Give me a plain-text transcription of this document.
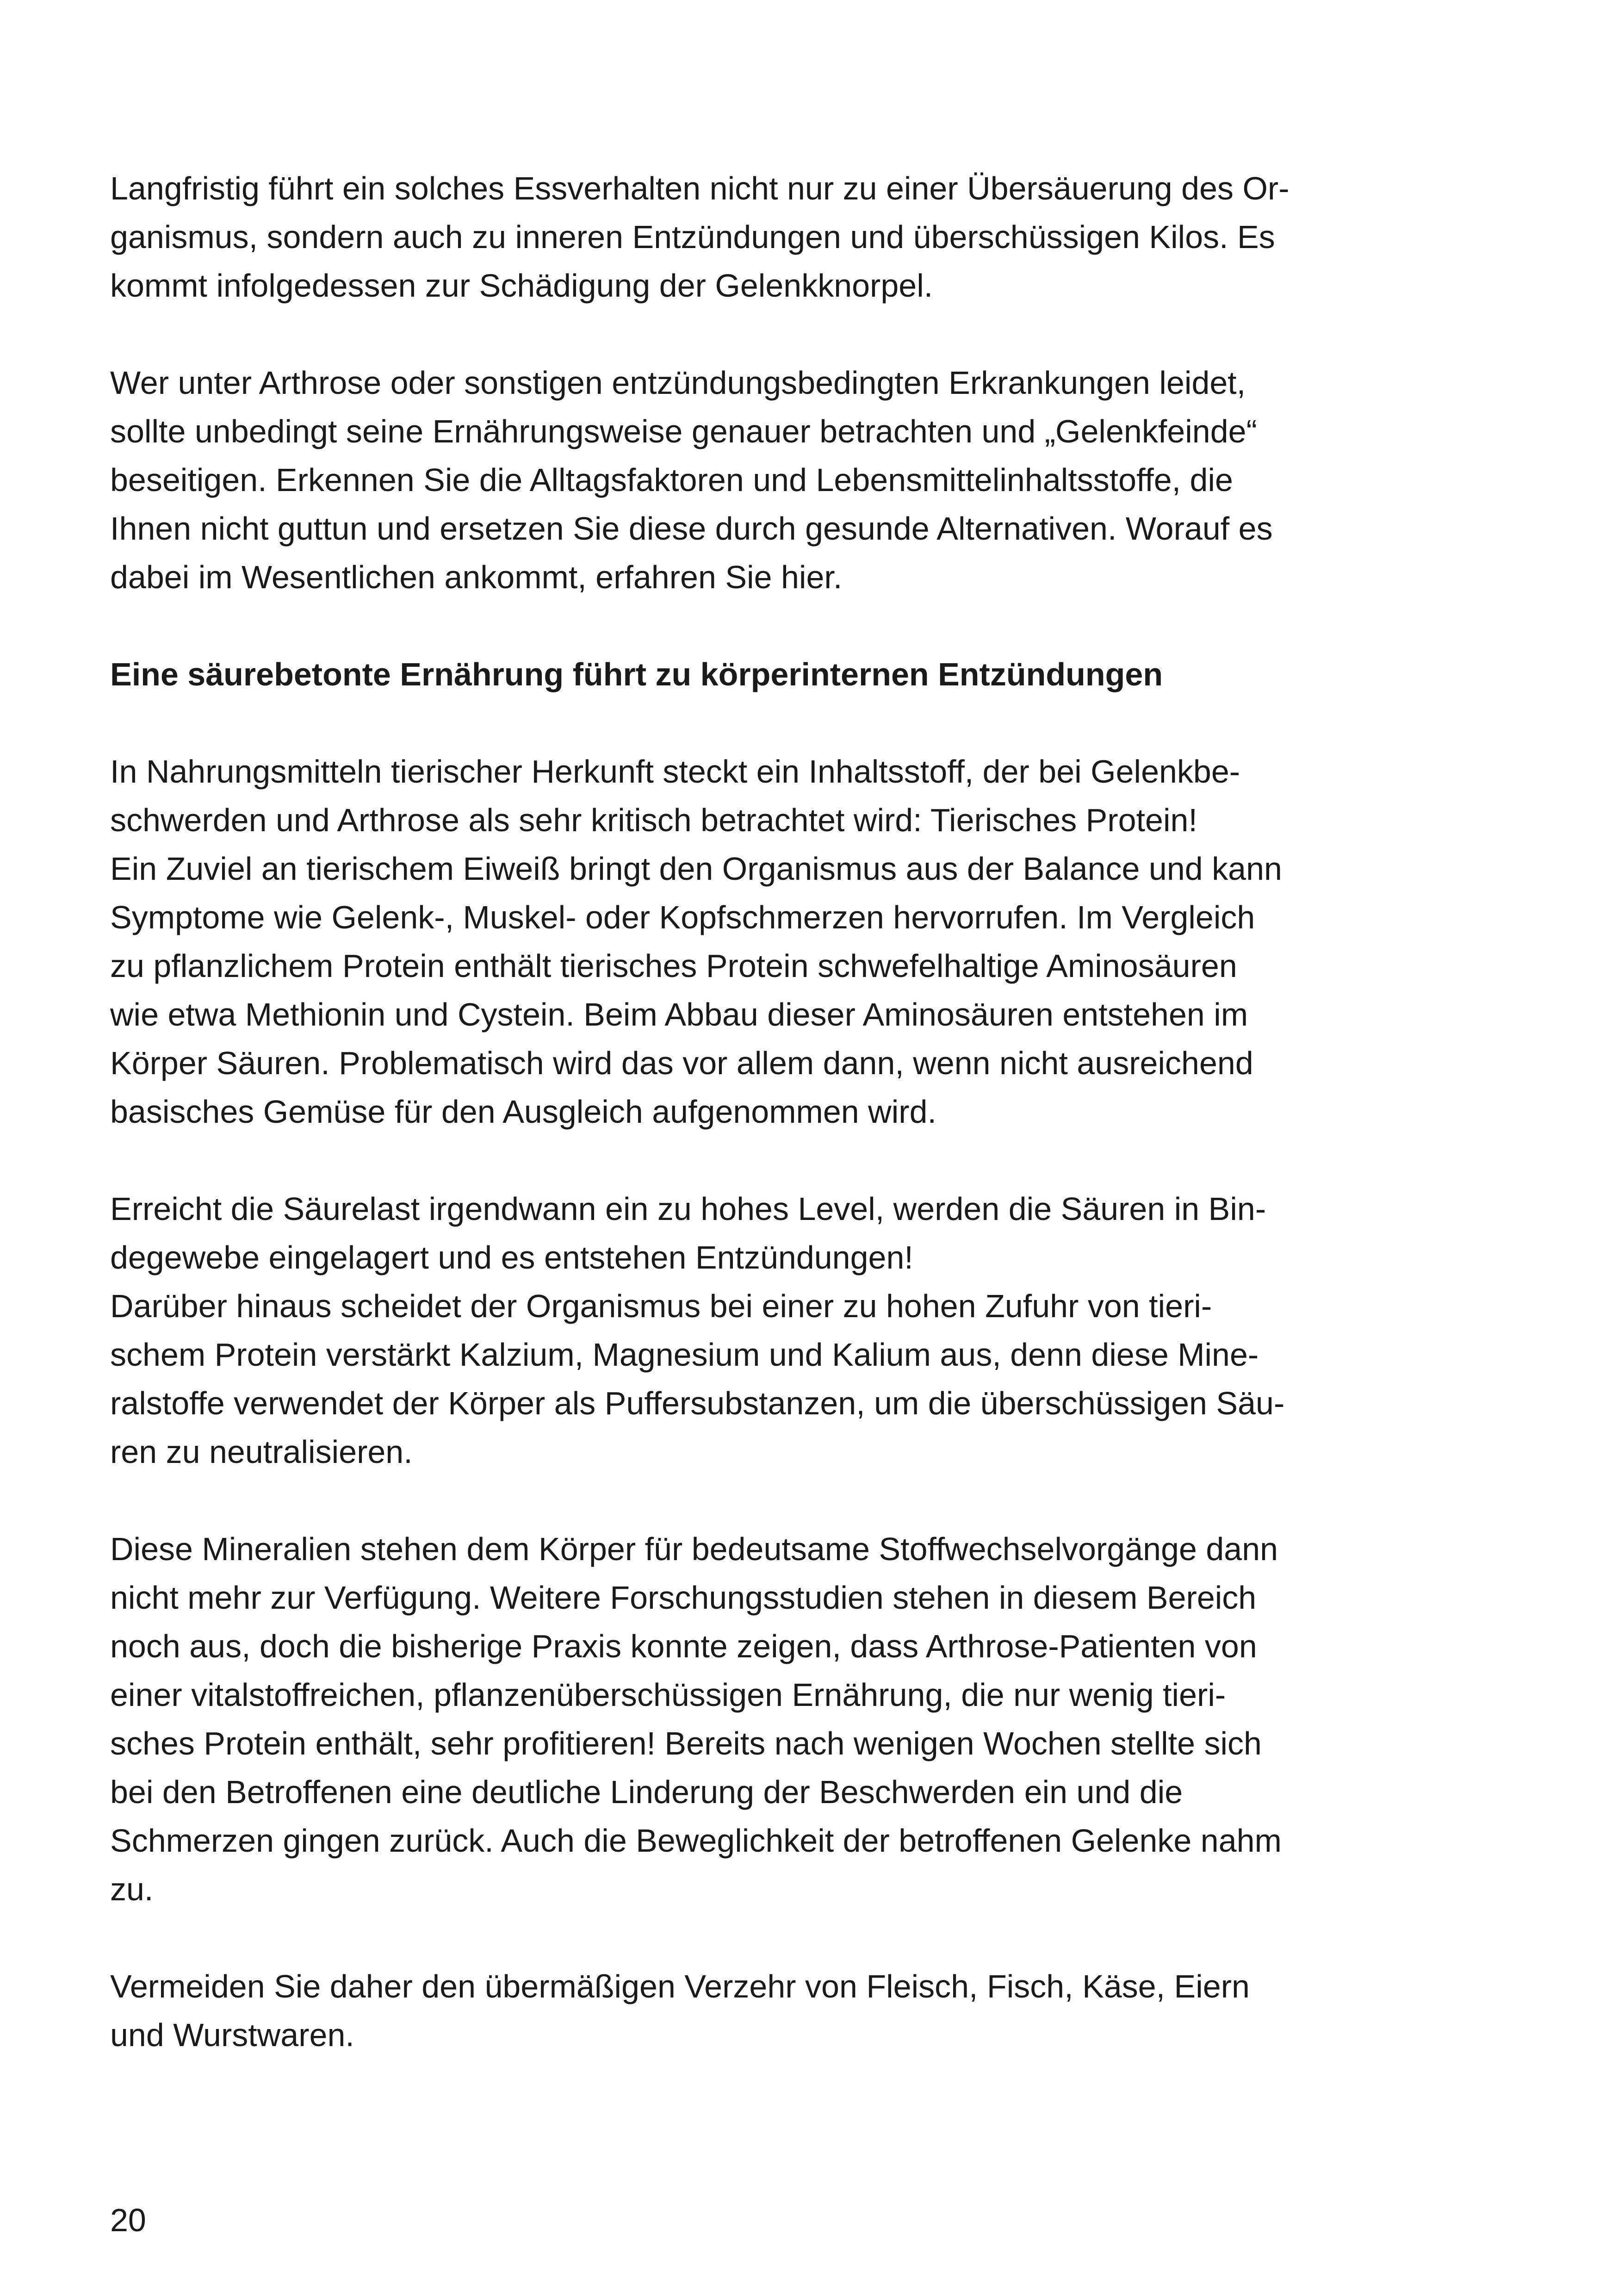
Langfristig führt ein solches Essverhalten nicht nur zu einer Übersäuerung des Or-
ganismus, sondern auch zu inneren Entzündungen und überschüssigen Kilos. Es
kommt infolgedessen zur Schädigung der Gelenkknorpel.

Wer unter Arthrose oder sonstigen entzündungsbedingten Erkrankungen leidet,
sollte unbedingt seine Ernährungsweise genauer betrachten und „Gelenkfeinde“
beseitigen. Erkennen Sie die Alltagsfaktoren und Lebensmittelinhaltsstoffe, die
Ihnen nicht guttun und ersetzen Sie diese durch gesunde Alternativen. Worauf es
dabei im Wesentlichen ankommt, erfahren Sie hier.

Eine säurebetonte Ernährung führt zu körperinternen Entzündungen

In Nahrungsmitteln tierischer Herkunft steckt ein Inhaltsstoff, der bei Gelenkbe-
schwerden und Arthrose als sehr kritisch betrachtet wird: Tierisches Protein!
Ein Zuviel an tierischem Eiweiß bringt den Organismus aus der Balance und kann
Symptome wie Gelenk-, Muskel- oder Kopfschmerzen hervorrufen. Im Vergleich
zu pflanzlichem Protein enthält tierisches Protein schwefelhaltige Aminosäuren
wie etwa Methionin und Cystein. Beim Abbau dieser Aminosäuren entstehen im
Körper Säuren. Problematisch wird das vor allem dann, wenn nicht ausreichend
basisches Gemüse für den Ausgleich aufgenommen wird.

Erreicht die Säurelast irgendwann ein zu hohes Level, werden die Säuren in Bin-
degewebe eingelagert und es entstehen Entzündungen!
Darüber hinaus scheidet der Organismus bei einer zu hohen Zufuhr von tieri-
schem Protein verstärkt Kalzium, Magnesium und Kalium aus, denn diese Mine-
ralstoffe verwendet der Körper als Puffersubstanzen, um die überschüssigen Säu-
ren zu neutralisieren.

Diese Mineralien stehen dem Körper für bedeutsame Stoffwechselvorgänge dann
nicht mehr zur Verfügung. Weitere Forschungsstudien stehen in diesem Bereich
noch aus, doch die bisherige Praxis konnte zeigen, dass Arthrose-Patienten von
einer vitalstoffreichen, pflanzenüberschüssigen Ernährung, die nur wenig tieri-
sches Protein enthält, sehr profitieren! Bereits nach wenigen Wochen stellte sich
bei den Betroffenen eine deutliche Linderung der Beschwerden ein und die
Schmerzen gingen zurück. Auch die Beweglichkeit der betroffenen Gelenke nahm
zu.

Vermeiden Sie daher den übermäßigen Verzehr von Fleisch, Fisch, Käse, Eiern
und Wurstwaren.

20
